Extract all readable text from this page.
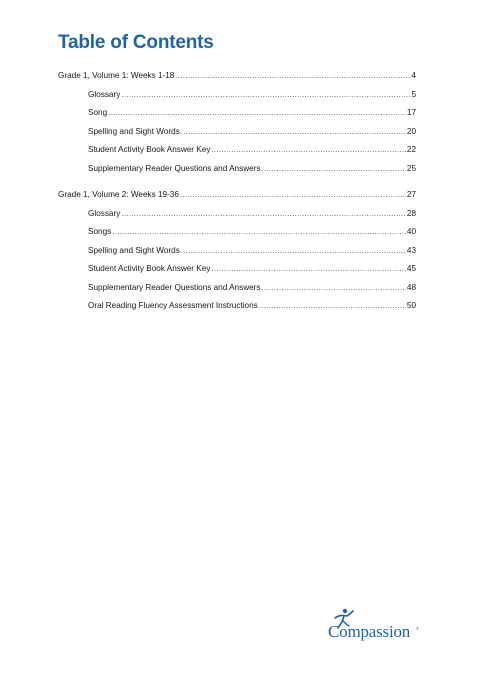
Table of Contents
Grade 1, Volume 1: Weeks 1-18 .....	4
Glossary .....	5
Song .....	17
Spelling and Sight Words .....	20
Student Activity Book Answer Key .....	22
Supplementary Reader Questions and Answers .....	25
Grade 1, Volume 2: Weeks 19-36 .....	27
Glossary .....	28
Songs .....	40
Spelling and Sight Words .....	43
Student Activity Book Answer Key .....	45
Supplementary Reader Questions and Answers .....	48
Oral Reading Fluency Assessment Instructions .....	50
Compassion ®
